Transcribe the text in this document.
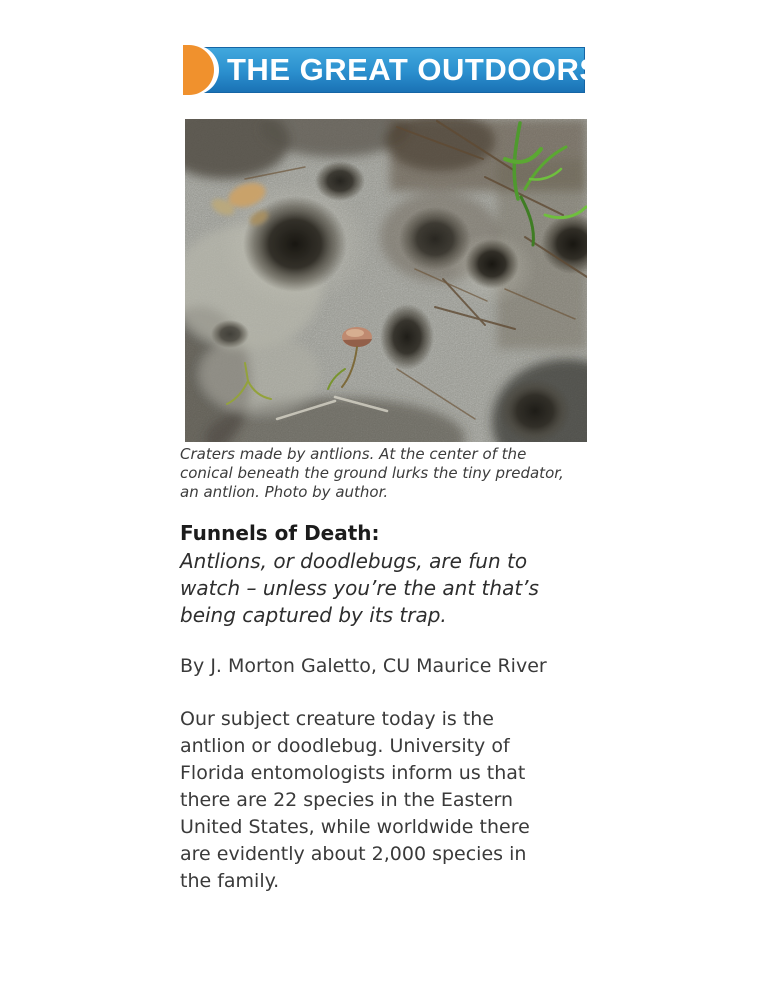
THE GREAT OUTDOORS
Craters made by antlions. At the center of the
conical beneath the ground lurks the tiny predator,
an antlion. Photo by author.
Funnels of Death:
Antlions, or doodlebugs, are fun to
watch – unless you’re the ant that’s
being captured by its trap.
By J. Morton Galetto, CU Maurice River
Our subject creature today is the
antlion or doodlebug. University of
Florida entomologists inform us that
there are 22 species in the Eastern
United States, while worldwide there
are evidently about 2,000 species in
the family.
